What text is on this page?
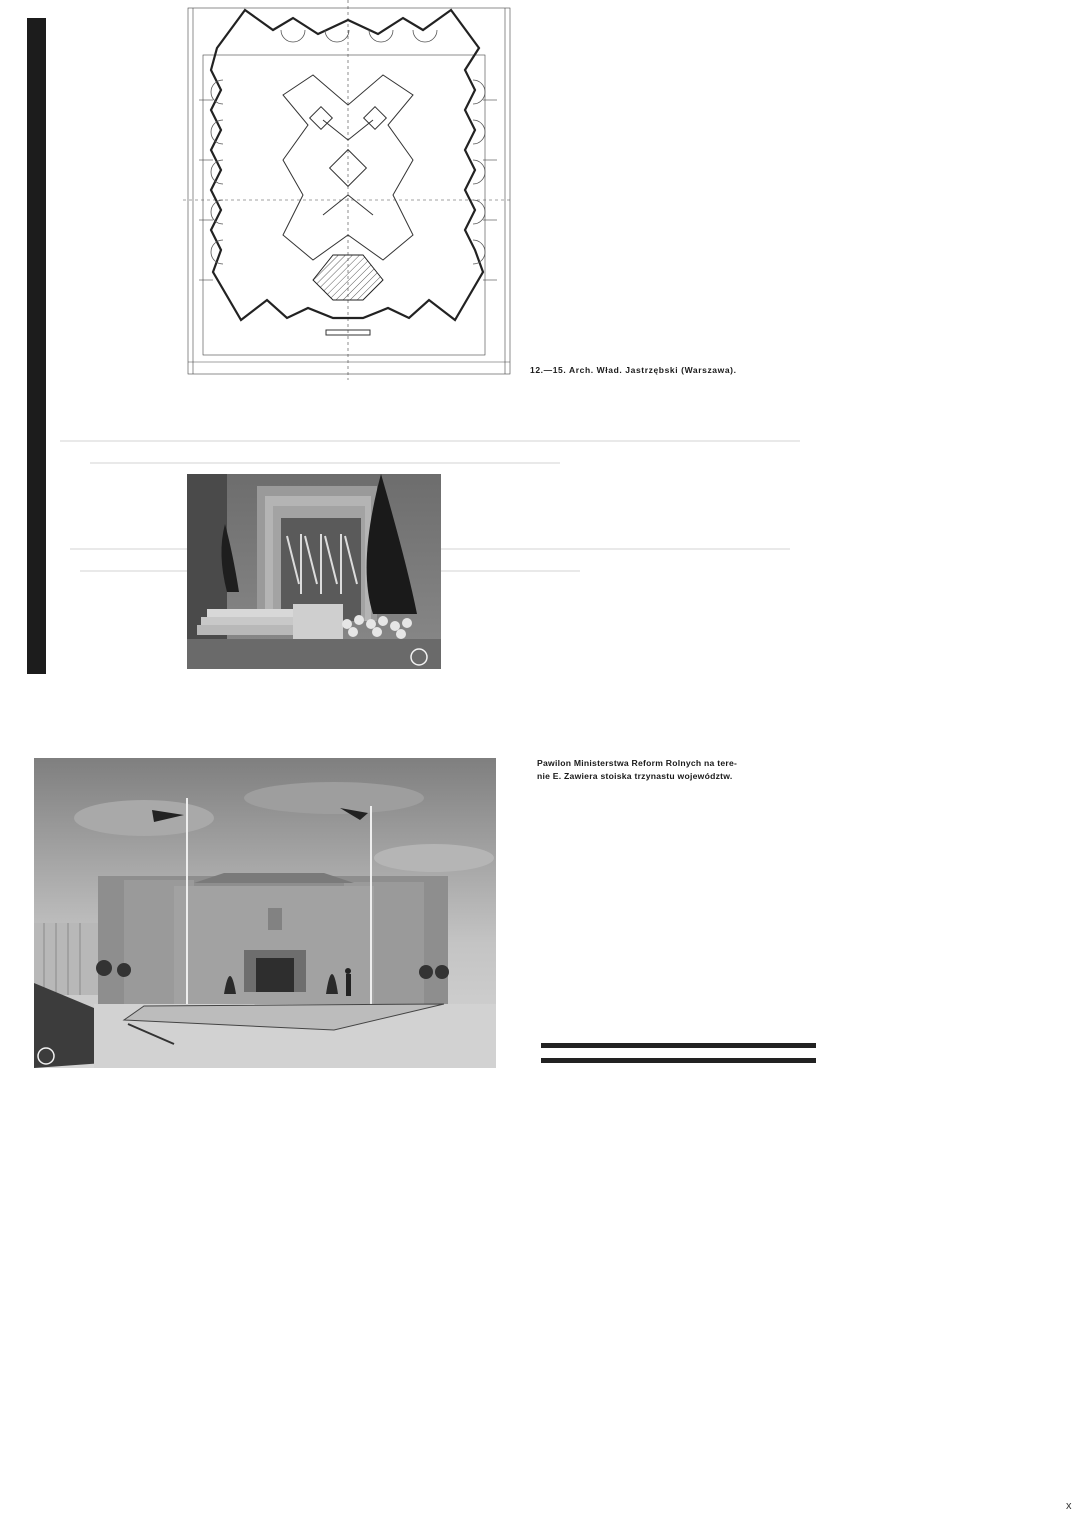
12.—15. Arch. Wład. Jastrzębski (Warszawa).
x
Pawilon Ministerstwa Reform Rolnych na tere-
nie E. Zawiera stoiska trzynastu województw.
